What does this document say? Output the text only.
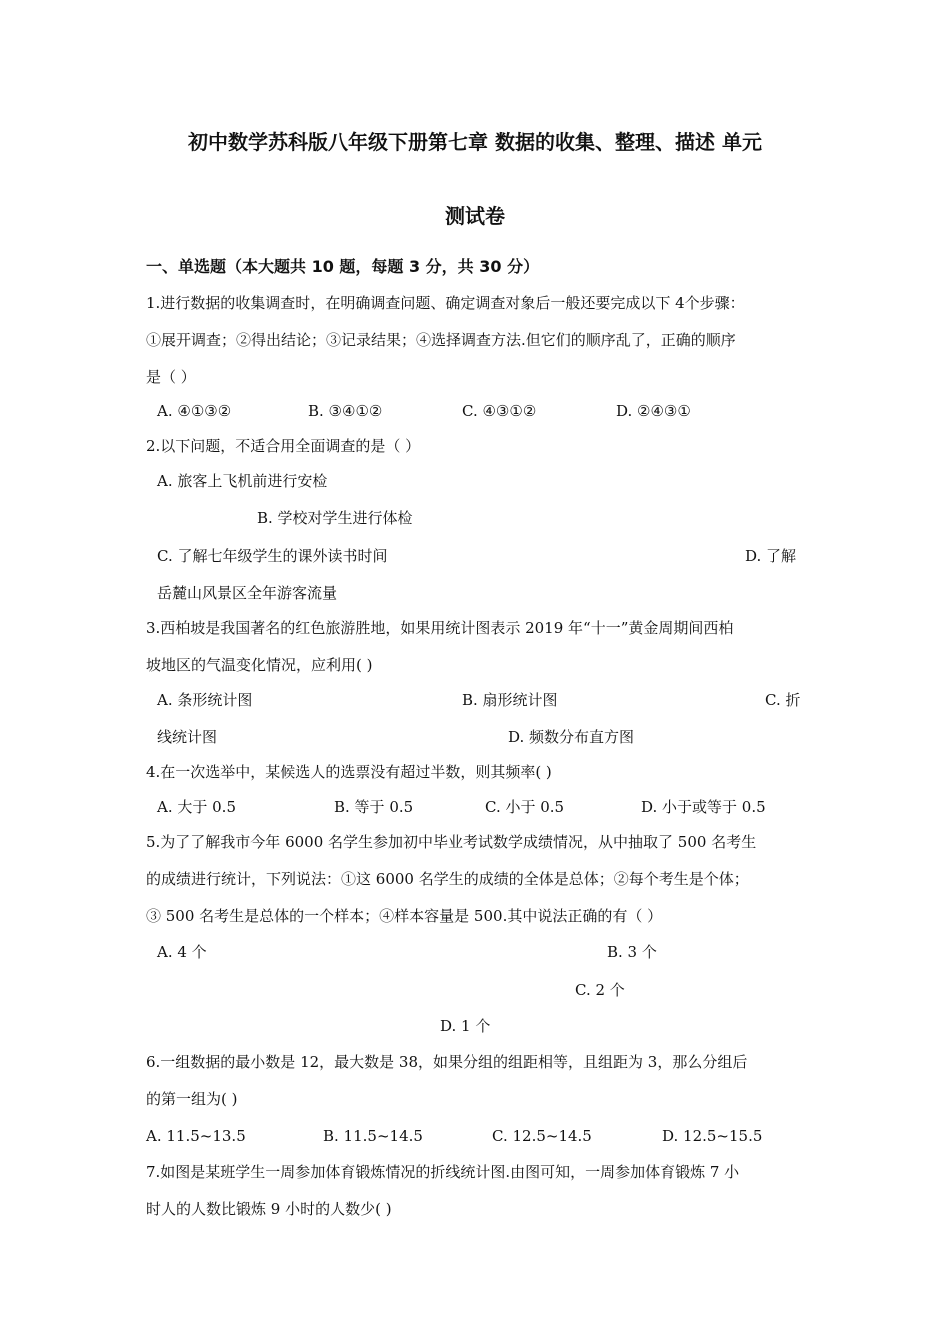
初中数学苏科版八年级下册第七章 数据的收集、整理、描述 单元
测试卷
一、单选题（本大题共 10 题，每题 3 分，共 30 分）
1.进行数据的收集调查时，在明确调查问题、确定调查对象后一般还要完成以下 4个步骤：
①展开调查；②得出结论；③记录结果；④选择调查方法.但它们的顺序乱了，正确的顺序
是（ ）
A. ④①③②	B. ③④①②	C. ④③①②	D. ②④③①
2.以下问题，不适合用全面调查的是（ ）
A. 旅客上飞机前进行安检
B. 学校对学生进行体检
C. 了解七年级学生的课外读书时间	D. 了解
岳麓山风景区全年游客流量
3.西柏坡是我国著名的红色旅游胜地，如果用统计图表示 2019 年“十一”黄金周期间西柏
坡地区的气温变化情况，应利用( )
A. 条形统计图	B. 扇形统计图	C. 折
线统计图	D. 频数分布直方图
4.在一次选举中，某候选人的选票没有超过半数，则其频率( )
A. 大于 0.5	B. 等于 0.5	C. 小于 0.5	D. 小于或等于 0.5
5.为了了解我市今年 6000 名学生参加初中毕业考试数学成绩情况，从中抽取了 500 名考生
的成绩进行统计，下列说法：①这 6000 名学生的成绩的全体是总体；②每个考生是个体；
③ 500 名考生是总体的一个样本；④样本容量是 500.其中说法正确的有（ ）
A. 4 个	B. 3 个
C. 2 个
D. 1 个
6.一组数据的最小数是 12，最大数是 38，如果分组的组距相等，且组距为 3，那么分组后
的第一组为( )
A. 11.5~13.5	B. 11.5~14.5	C. 12.5~14.5	D. 12.5~15.5
7.如图是某班学生一周参加体育锻炼情况的折线统计图.由图可知，一周参加体育锻炼 7 小
时人的人数比锻炼 9 小时的人数少( )
